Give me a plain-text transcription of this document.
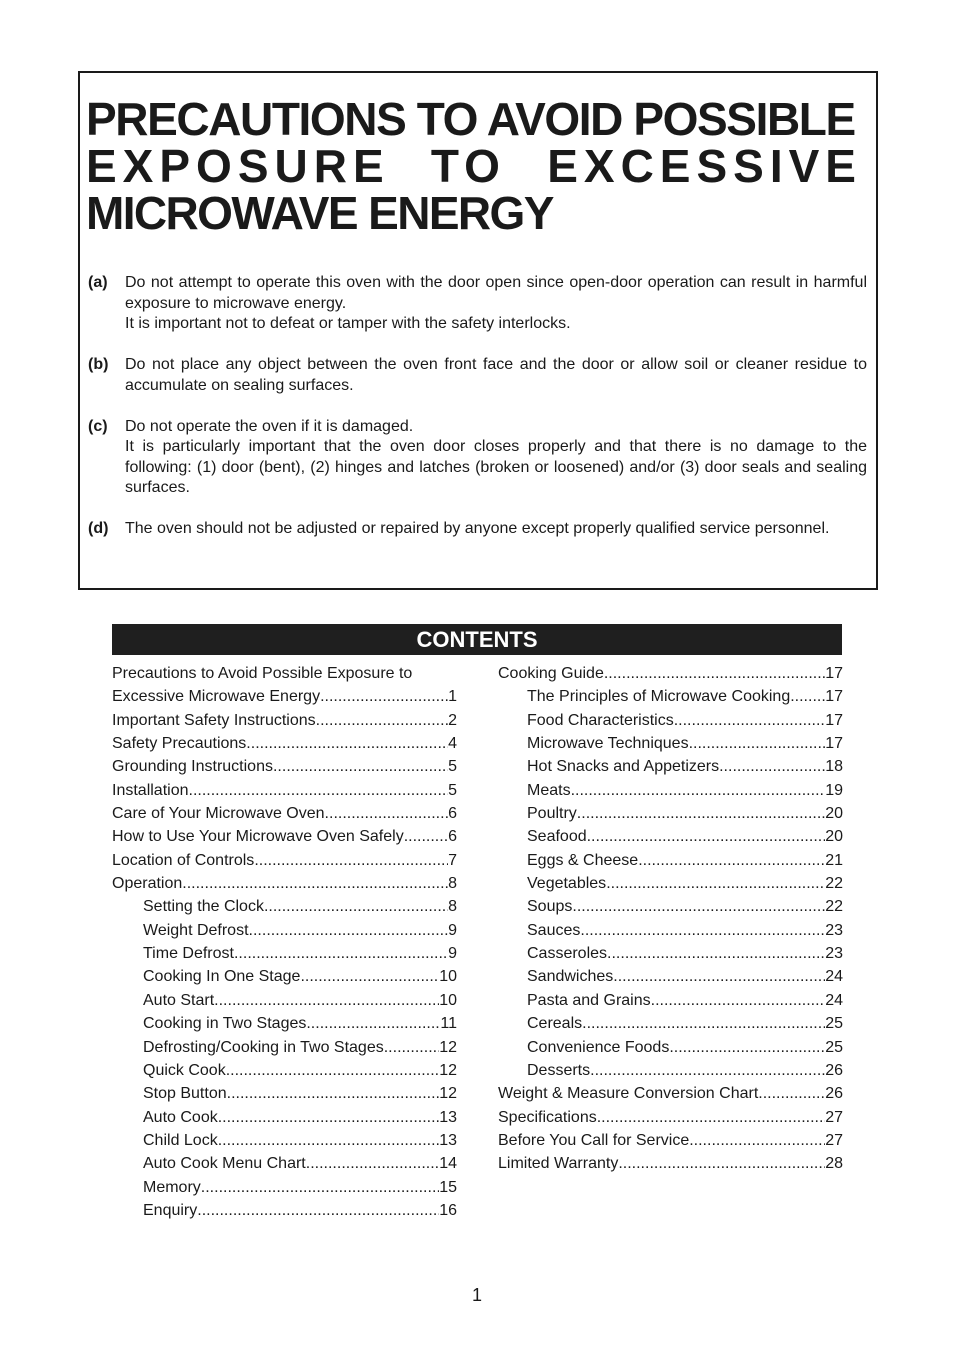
PRECAUTIONS TO AVOID POSSIBLE
EXPOSURE TO EXCESSIVE
MICROWAVE ENERGY
(a) Do not attempt to operate this oven with the door open since open-door operation can result in harmful exposure to microwave energy.

It is important not to defeat or tamper with the safety interlocks.

(b) Do not place any object between the oven front face and the door or allow soil or cleaner residue to accumulate on sealing surfaces.

(c) Do not operate the oven if it is damaged.

It is particularly important that the oven door closes properly and that there is no damage to the following: (1) door (bent), (2) hinges and latches (broken or loosened) and/or (3) door seals and sealing surfaces.

(d) The oven should not be adjusted or repaired by anyone except properly qualified service personnel.

CONTENTS
Precautions to Avoid Possible Exposure to
Excessive Microwave Energy .....	1
Important Safety Instructions .....	2
Safety Precautions .....	4
Grounding Instructions .....	5
Installation .....	5
Care of Your Microwave Oven .....	6
How to Use Your Microwave Oven Safely .....	6
Location of Controls .....	7
Operation .....	8
Setting the Clock .....	8
Weight Defrost .....	9
Time Defrost .....	9
Cooking In One Stage .....	10
Auto Start .....	10
Cooking in Two Stages .....	11
Defrosting/Cooking in Two Stages .....	12
Quick Cook .....	12
Stop Button .....	12
Auto Cook .....	13
Child Lock .....	13
Auto Cook Menu Chart .....	14
Memory .....	15
Enquiry .....	16
Cooking Guide .....	17
The Principles of Microwave Cooking ..... 17
Food Characteristics .....	17
Microwave Techniques .....	17
Hot Snacks and Appetizers .....	18
Meats .....	19
Poultry .....	20
Seafood .....	20
Eggs & Cheese .....	21
Vegetables .....	22
Soups .....	22
Sauces .....	23
Casseroles .....	23
Sandwiches .....	24
Pasta and Grains .....	24
Cereals .....	25
Convenience Foods .....	25
Desserts .....	26
Weight & Measure Conversion Chart .....	26
Specifications .....	27
Before You Call for Service .....	27
Limited Warranty .....	28
1
